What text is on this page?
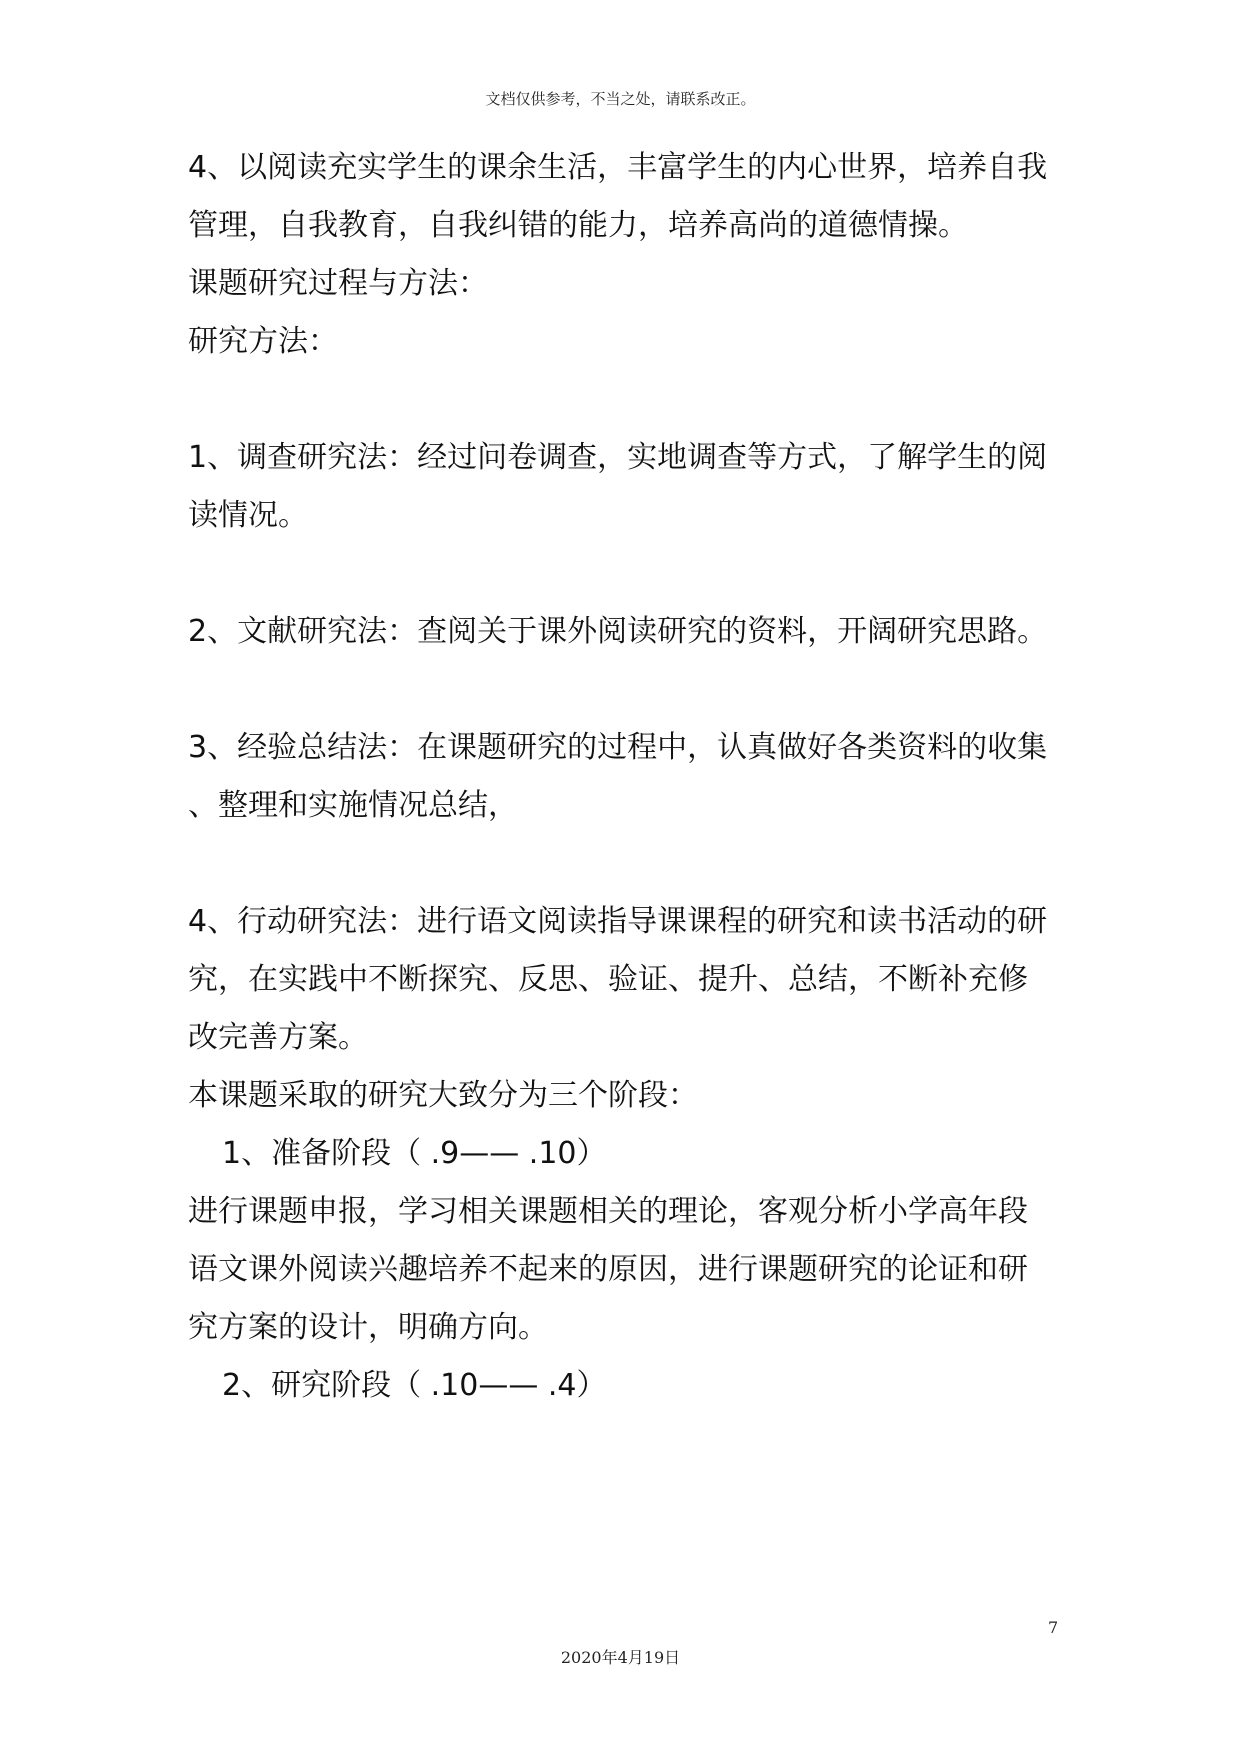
文档仅供参考，不当之处，请联系改正。
4、以阅读充实学生的课余生活，丰富学生的内心世界，培养自我
管理，自我教育，自我纠错的能力，培养高尚的道德情操。
课题研究过程与方法：
研究方法：
1、调查研究法：经过问卷调查，实地调查等方式，了解学生的阅
读情况。
2、文献研究法：查阅关于课外阅读研究的资料，开阔研究思路。
3、经验总结法：在课题研究的过程中，认真做好各类资料的收集
、整理和实施情况总结，
4、行动研究法：进行语文阅读指导课课程的研究和读书活动的研
究，在实践中不断探究、反思、验证、提升、总结，不断补充修
改完善方案。
本课题采取的研究大致分为三个阶段：
1、准备阶段（ .9—— .10）
进行课题申报，学习相关课题相关的理论，客观分析小学高年段
语文课外阅读兴趣培养不起来的原因，进行课题研究的论证和研
究方案的设计，明确方向。
2、研究阶段（ .10—— .4）
7
2020年4月19日
